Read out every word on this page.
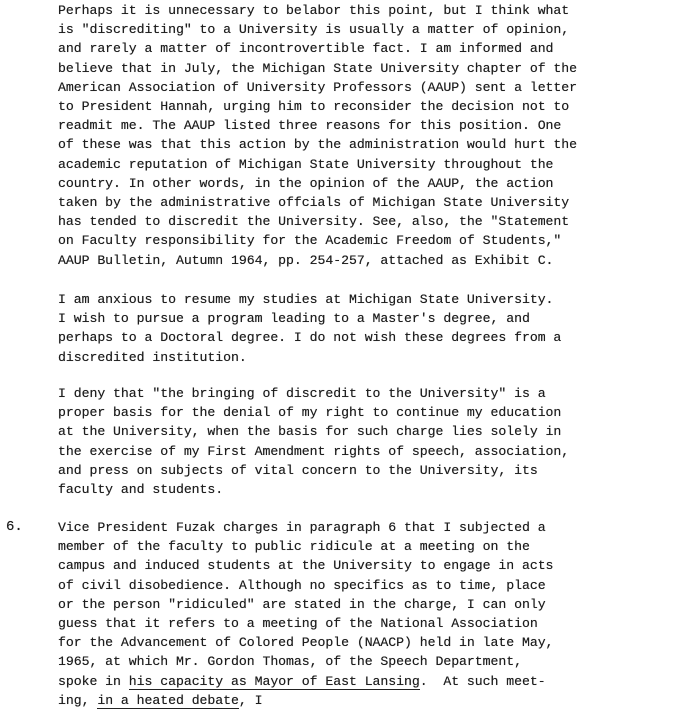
Perhaps it is unnecessary to belabor this point, but I think what
is "discrediting" to a University is usually a matter of opinion,
and rarely a matter of incontrovertible fact. I am informed and
believe that in July, the Michigan State University chapter of the
American Association of University Professors (AAUP) sent a letter
to President Hannah, urging him to reconsider the decision not to
readmit me. The AAUP listed three reasons for this position. One
of these was that this action by the administration would hurt the
academic reputation of Michigan State University throughout the
country. In other words, in the opinion of the AAUP, the action
taken by the administrative offcials of Michigan State University
has tended to discredit the University. See, also, the "Statement
on Faculty responsibility for the Academic Freedom of Students,"
AAUP Bulletin, Autumn 1964, pp. 254-257, attached as Exhibit C.
I am anxious to resume my studies at Michigan State University.
I wish to pursue a program leading to a Master's degree, and
perhaps to a Doctoral degree. I do not wish these degrees from a
discredited institution.
I deny that "the bringing of discredit to the University" is a
proper basis for the denial of my right to continue my education
at the University, when the basis for such charge lies solely in
the exercise of my First Amendment rights of speech, association,
and press on subjects of vital concern to the University, its
faculty and students.
6.	Vice President Fuzak charges in paragraph 6 that I subjected a
member of the faculty to public ridicule at a meeting on the
campus and induced students at the University to engage in acts
of civil disobedience. Although no specifics as to time, place
or the person "ridiculed" are stated in the charge, I can only
guess that it refers to a meeting of the National Association
for the Advancement of Colored People (NAACP) held in late May,
1965, at which Mr. Gordon Thomas, of the Speech Department,
spoke in his capacity as Mayor of East Lansing.  At such meet-
ing, in a heated debate, I
